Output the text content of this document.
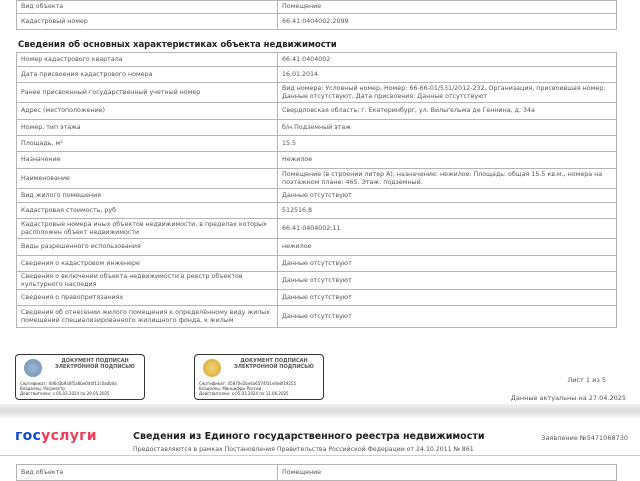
Вид объекта	Помещение
Кадастровый номер	66:41:0404002:2099
Сведения об основных характеристиках объекта недвижимости
Номер кадастрового квартала	66:41:0404002
Дата присвоения кадастрового номера	16.01.2014
Ранее присвоенный государственный учетный номер	Вид номера: Условный номер, Номер: 66-66-01/531/2012-232, Организация, присвоившая номер: Данные отсутствуют, Дата присвоения: Данные отсутствуют
Адрес (местоположение)	Свердловская область, г. Екатеринбург, ул. Вильгельма де Геннина, д. 34а
Номер, тип этажа	б/н Подземный этаж
Площадь, м²	15.5
Назначение	Нежилое
Наименование	Помещение (в строении литер А), назначение: нежилое. Площадь: общая 15.5 кв.м., номера на поэтажном плане: 465. Этаж: подземный.
Вид жилого помещения	Данные отсутствуют
Кадастровая стоимость, руб	512516.8
Кадастровые номера иных объектов недвижимости, в пределах которых расположен объект недвижимости	66:41:0404002:11
Виды разрешенного использования	нежилое
Сведения о кадастровом инженере	Данные отсутствуют
Сведения о включении объекта недвижимости в реестр объектов культурного наследия	Данные отсутствуют
Сведения о правопритязаниях	Данные отсутствуют
Сведения об отнесении жилого помещения к определённому виду жилых помещений специализированного жилищного фонда, к жилым	Данные отсутствуют
ДОКУМЕНТ ПОДПИСАН ЭЛЕКТРОННОЙ ПОДПИСЬЮ
Сертификат: 4d6d3b9a0f5a6be0d4f11c0a0b4a
Владелец: Росреестр
Действителен: с 05.03.2024 по 29.05.2025
ДОКУМЕНТ ПОДПИСАН ЭЛЕКТРОННОЙ ПОДПИСЬЮ
Сертификат: 45870e2be4a6574f31e4e8f19255
Владелец: Минцифры России
Действителен: с 05.03.2024 по 11.06.2025
Лист 1 из 5
Данные актуальны на 27.04.2025
госуслуги	Сведения из Единого государственного реестра недвижимости
Предоставляются в рамках Постановления Правительства Российской Федерации от 24.10.2011 № 861
Заявление №5471068730
Вид объекта	Помещение
